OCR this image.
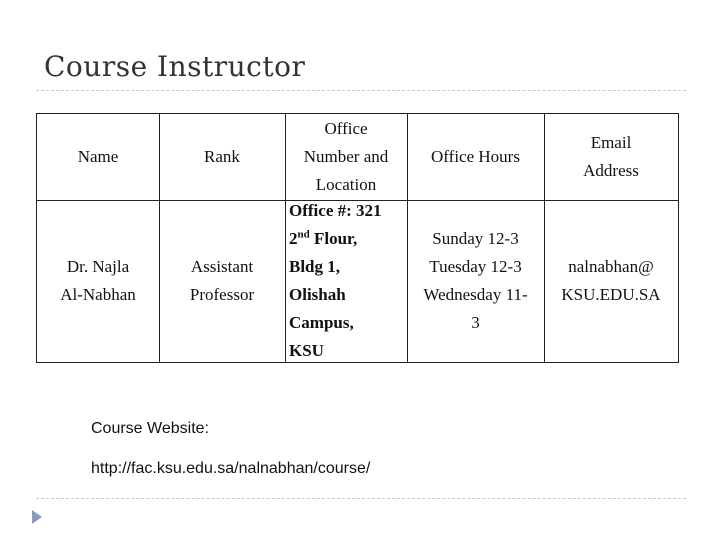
Course Instructor
Name	Rank
Office
Number and
Location
Office Hours
Email
Address
Dr. Najla
Al-Nabhan
Assistant
Professor
Office #: 321
2nd Flour,
Bldg 1,
Olishah
Campus,
KSU
Sunday 12-3
Tuesday 12-3
Wednesday 11-
3
nalnabhan@
KSU.EDU.SA
Course Website:
http://fac.ksu.edu.sa/nalnabhan/course/
